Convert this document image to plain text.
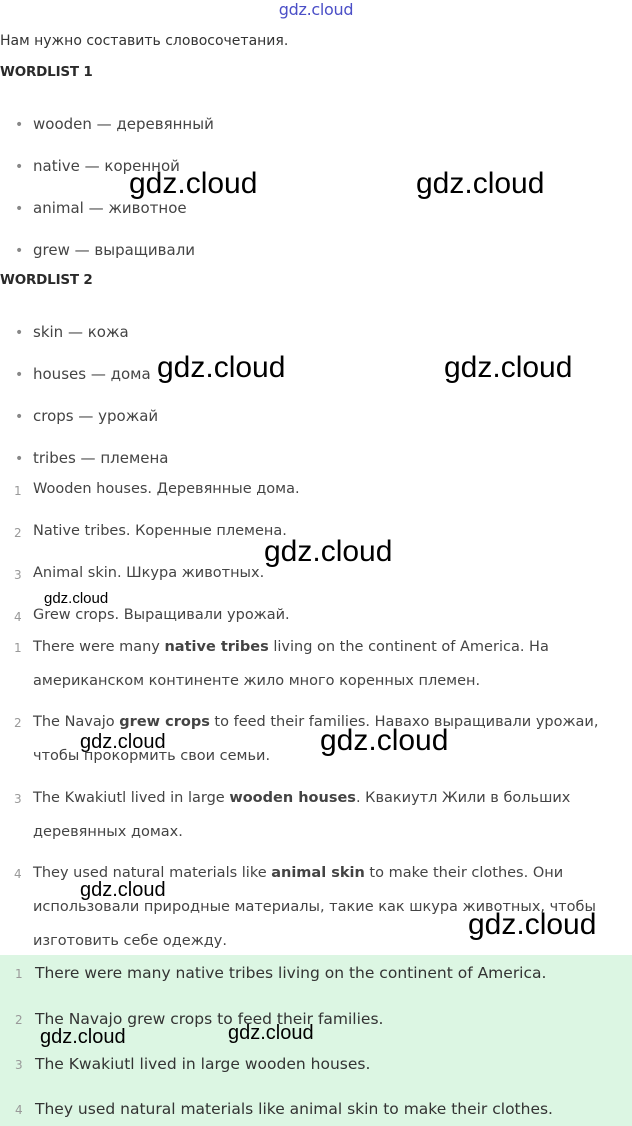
gdz.cloud
Нам нужно составить словосочетания.
WORDLIST 1
• wooden — деревянный
• native — коренной
• animal — животное
• grew — выращивали
WORDLIST 2
• skin — кожа
• houses — дома
• crops — урожай
• tribes — племена
1 Wooden houses. Деревянные дома.
2 Native tribes. Коренные племена.
3 Animal skin. Шкура животных.
4 Grew crops. Выращивали урожай.
1 There were many native tribes living on the continent of America. На
американском континенте жило много коренных племен.
2 The Navajo grew crops to feed their families. Навахо выращивали урожаи,
чтобы прокормить свои семьи.
3 The Kwakiutl lived in large wooden houses. Квакиутл Жили в больших
деревянных домах.
4 They used natural materials like animal skin to make their clothes. Они
использовали природные материалы, такие как шкура животных, чтобы
изготовить себе одежду.
1 There were many native tribes living on the continent of America.
2 The Navajo grew crops to feed their families.
3 The Kwakiutl lived in large wooden houses.
4 They used natural materials like animal skin to make their clothes.
gdz.cloud	gdz.cloud
gdz.cloud	gdz.cloud
gdz.cloud
gdz.cloud
gdz.cloud	gdz.cloud
gdz.cloud
gdz.cloud
gdz.cloud	gdz.cloud
